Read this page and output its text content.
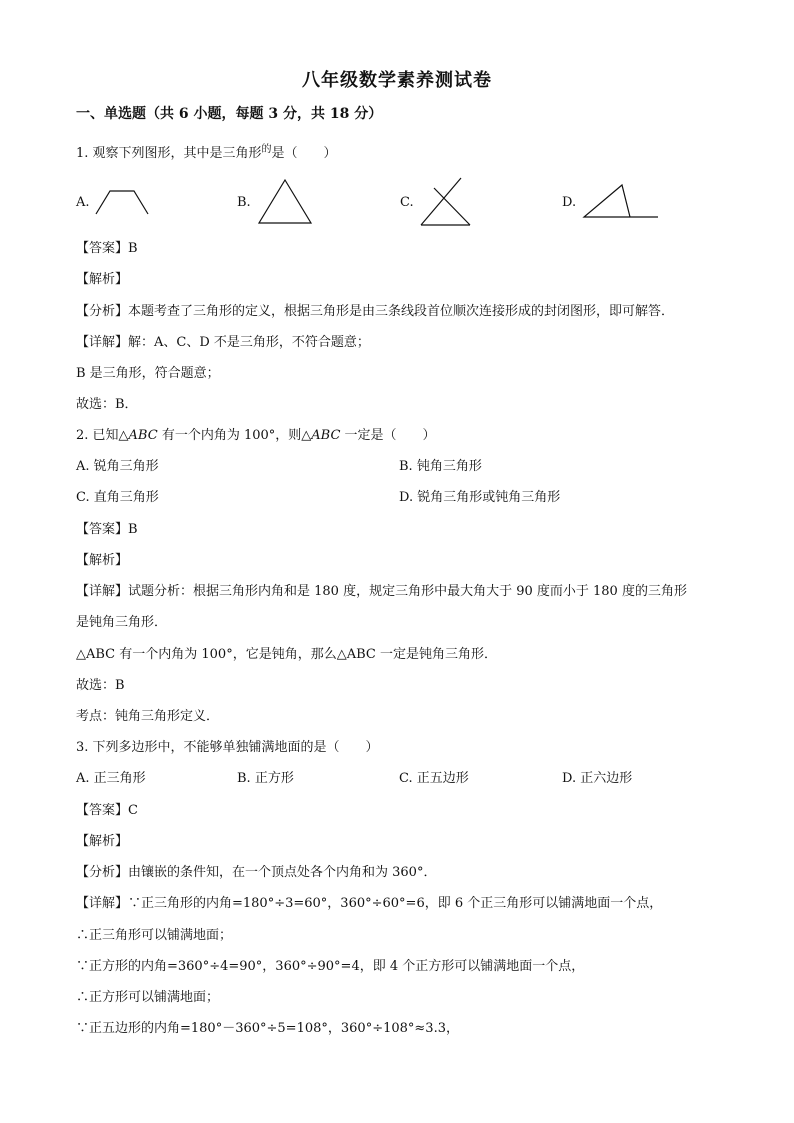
八年级数学素养测试卷
一、单选题（共 6 小题，每题 3 分，共 18 分）
1. 观察下列图形，其中是三角形$^的$是（　　）
A.	B.	C.	D.
【答案】B
【解析】
【分析】本题考查了三角形的定义，根据三角形是由三条线段首位顺次连接形成的封闭图形，即可解答．
【详解】解：A、C、D 不是三角形，不符合题意；
B 是三角形，符合题意；
故选：B．
2. 已知△ABC 有一个内角为 100°，则△ABC 一定是（　　）
A. 锐角三角形	B. 钝角三角形
C. 直角三角形	D. 锐角三角形或钝角三角形
【答案】B
【解析】
【详解】试题分析：根据三角形内角和是 180 度，规定三角形中最大角大于 90 度而小于 180 度的三角形
是钝角三角形．
△ABC 有一个内角为 100°，它是钝角，那么△ABC 一定是钝角三角形．
故选：B
考点：钝角三角形定义．
3. 下列多边形中，不能够单独铺满地面的是（　　）
A. 正三角形	B. 正方形	C. 正五边形	D. 正六边形
【答案】C
【解析】
【分析】由镶嵌的条件知，在一个顶点处各个内角和为 360°．
【详解】∵正三角形的内角=180°÷3=60°，360°÷60°=6，即 6 个正三角形可以铺满地面一个点，
∴正三角形可以铺满地面；
∵正方形的内角=360°÷4=90°，360°÷90°=4，即 4 个正方形可以铺满地面一个点，
∴正方形可以铺满地面；
∵正五边形的内角=180°－360°÷5=108°，360°÷108°≈3.3，
